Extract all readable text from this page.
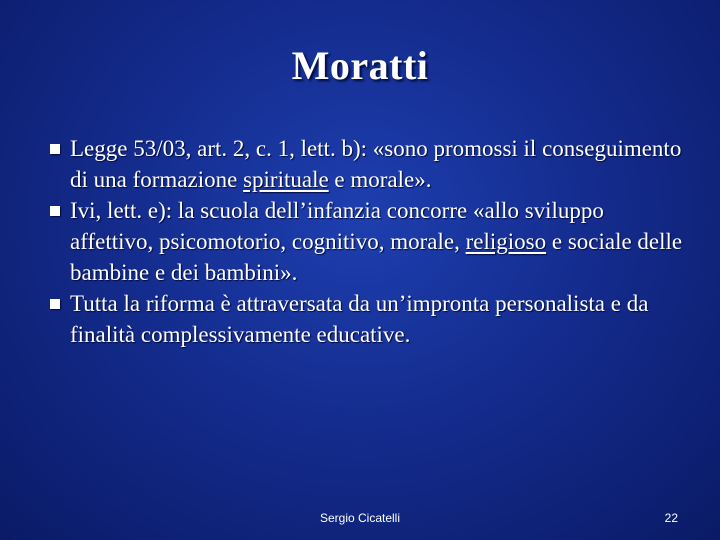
Moratti
Legge 53/03, art. 2, c. 1, lett. b): «sono promossi il conseguimento di una formazione spirituale e morale».
Ivi, lett. e): la scuola dell’infanzia concorre «allo sviluppo affettivo, psicomotorio, cognitivo, morale, religioso e sociale delle bambine e dei bambini».
Tutta la riforma è attraversata da un’impronta personalista e da finalità complessivamente educative.
Sergio Cicatelli	22
